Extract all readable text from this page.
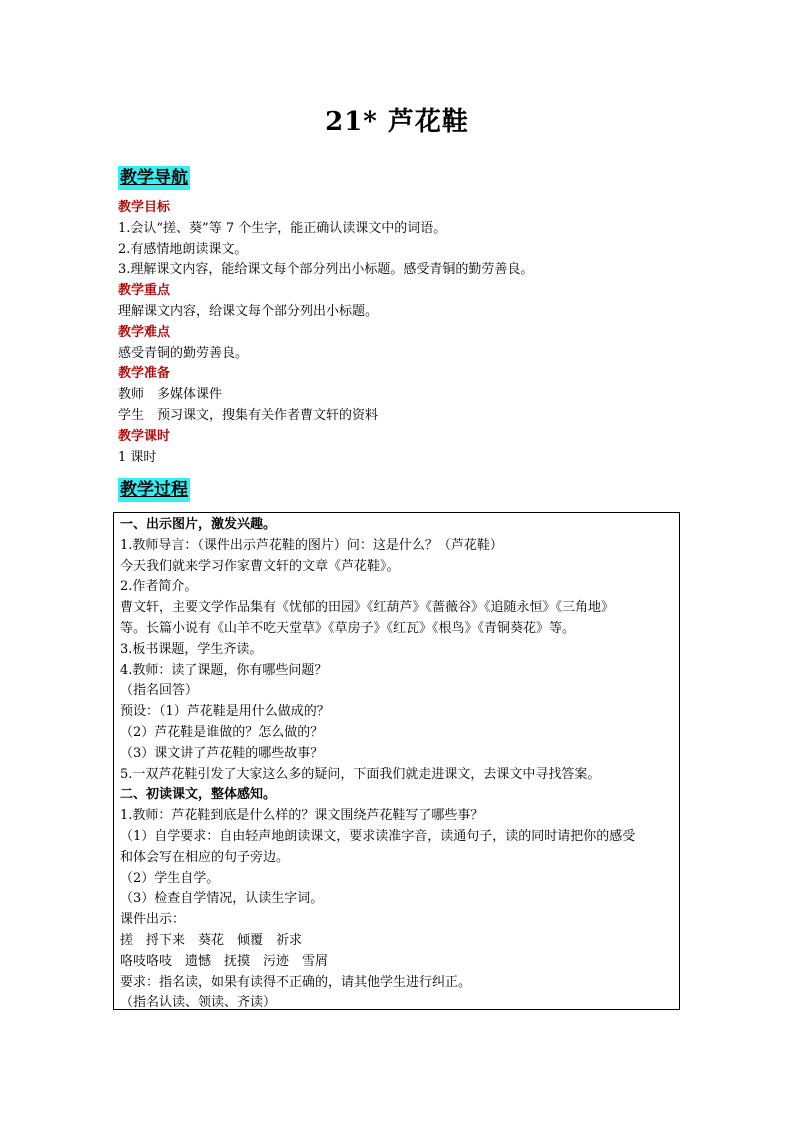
21* 芦花鞋
教学导航
教学目标
1.会认“搓、葵”等 7 个生字，能正确认读课文中的词语。
2.有感情地朗读课文。
3.理解课文内容，能给课文每个部分列出小标题。感受青铜的勤劳善良。
教学重点
理解课文内容，给课文每个部分列出小标题。
教学难点
感受青铜的勤劳善良。
教学准备
教师　多媒体课件
学生　预习课文，搜集有关作者曹文轩的资料
教学课时
1 课时
教学过程
一、出示图片，激发兴趣。
1.教师导言：（课件出示芦花鞋的图片）问：这是什么？（芦花鞋）
今天我们就来学习作家曹文轩的文章《芦花鞋》。
2.作者简介。
曹文轩，主要文学作品集有《忧郁的田园》《红葫芦》《蔷薇谷》《追随永恒》《三角地》
等。长篇小说有《山羊不吃天堂草》《草房子》《红瓦》《根鸟》《青铜葵花》等。
3.板书课题，学生齐读。
4.教师：读了课题，你有哪些问题？
（指名回答）
预设：（1）芦花鞋是用什么做成的？
（2）芦花鞋是谁做的？怎么做的？
（3）课文讲了芦花鞋的哪些故事？
5.一双芦花鞋引发了大家这么多的疑问，下面我们就走进课文，去课文中寻找答案。
二、初读课文，整体感知。
1.教师：芦花鞋到底是什么样的？课文围绕芦花鞋写了哪些事？
（1）自学要求：自由轻声地朗读课文，要求读准字音，读通句子，读的同时请把你的感受
和体会写在相应的句子旁边。
（2）学生自学。
（3）检查自学情况，认读生字词。
课件出示：
搓　捋下来　葵花　倾覆　祈求
咯吱咯吱　遗憾　抚摸　污迹　雪屑
要求：指名读，如果有读得不正确的，请其他学生进行纠正。
（指名认读、领读、齐读）
